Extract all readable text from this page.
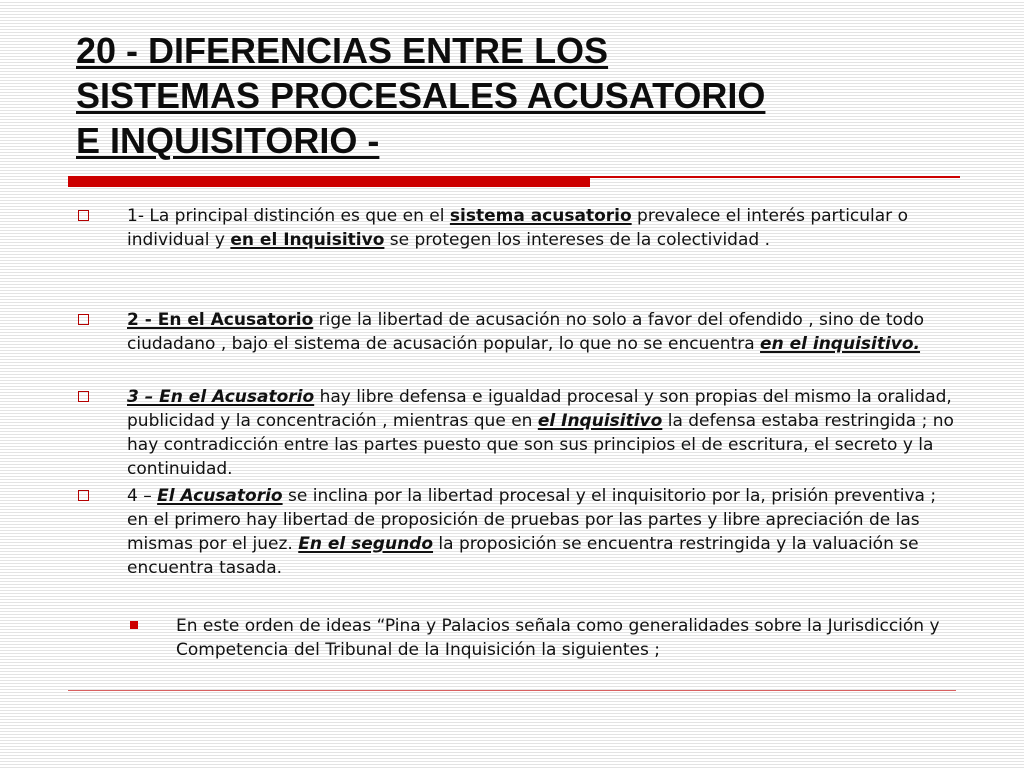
20 - DIFERENCIAS ENTRE LOS
SISTEMAS PROCESALES ACUSATORIO
E INQUISITORIO -
1- La principal distinción es que en el sistema acusatorio prevalece el interés particular o individual y en el Inquisitivo se protegen los intereses de la colectividad .
2 - En el Acusatorio rige la libertad de acusación no solo a favor del ofendido , sino de todo ciudadano , bajo el sistema de acusación popular, lo que no se encuentra en el inquisitivo.
3 – En el Acusatorio hay libre defensa e igualdad procesal y son propias del mismo la oralidad, publicidad y la concentración , mientras que en el Inquisitivo la defensa estaba restringida ; no hay contradicción entre las partes puesto que son sus principios el de escritura, el secreto y la continuidad.
4 – El Acusatorio se inclina por la libertad procesal y el inquisitorio por la, prisión preventiva ; en el primero hay libertad de proposición de pruebas por las partes y libre apreciación de las mismas por el juez. En el segundo la proposición se encuentra restringida y la valuación se encuentra tasada.
En este orden de ideas “Pina y Palacios señala como generalidades sobre la Jurisdicción y Competencia del Tribunal de la Inquisición la siguientes ;
